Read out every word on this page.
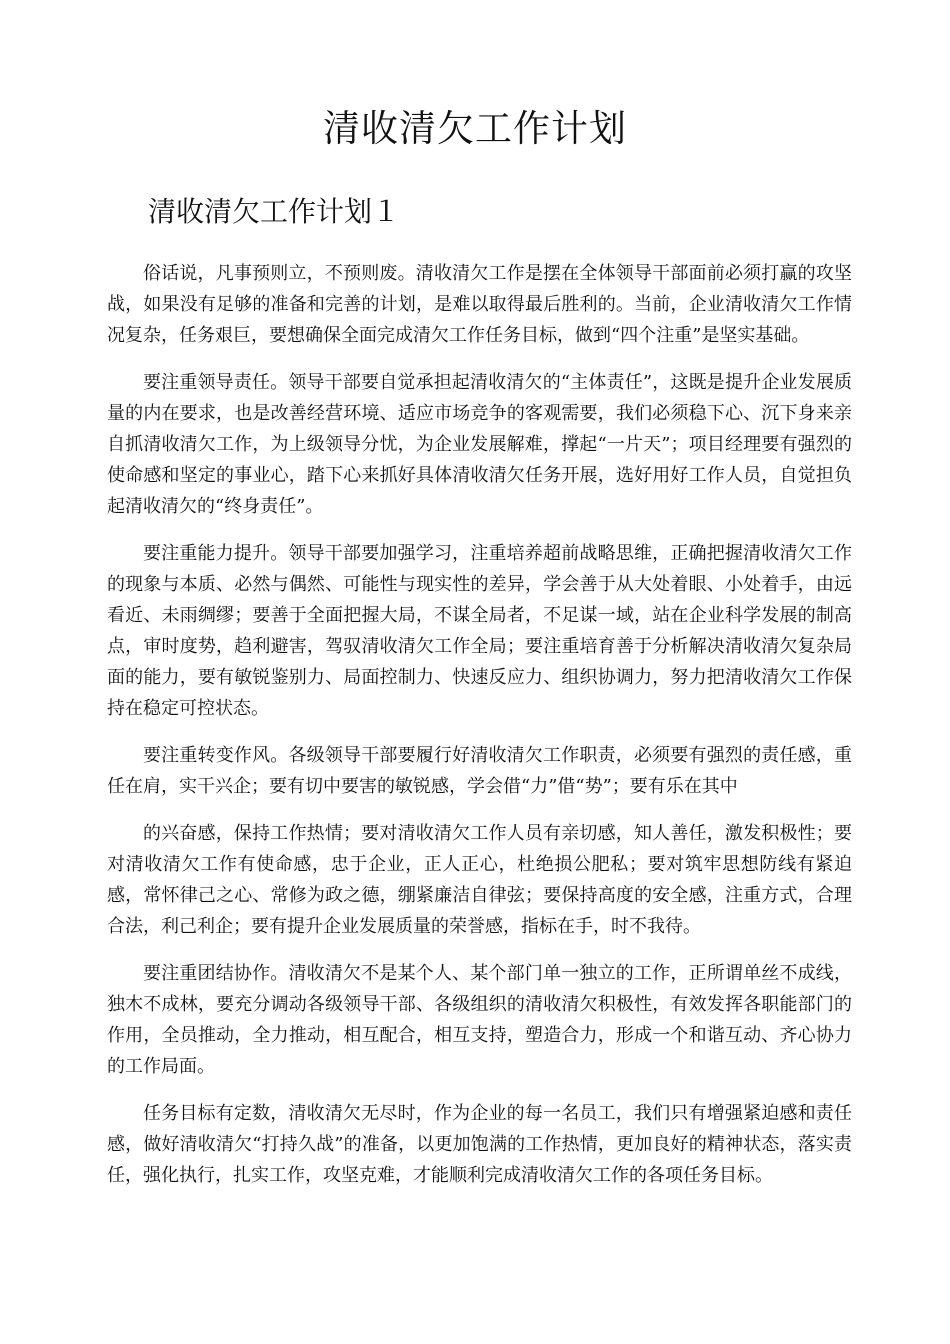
清收清欠工作计划
清收清欠工作计划１

俗话说，凡事预则立，不预则废。清收清欠工作是摆在全体领导干部面前必须打赢的攻坚战，如果没有足够的准备和完善的计划，是难以取得最后胜利的。当前，企业清收清欠工作情况复杂，任务艰巨，要想确保全面完成清欠工作任务目标，做到“四个注重”是坚实基础。

要注重领导责任。领导干部要自觉承担起清收清欠的“主体责任”，这既是提升企业发展质量的内在要求，也是改善经营环境、适应市场竞争的客观需要，我们必须稳下心、沉下身来亲自抓清收清欠工作，为上级领导分忧，为企业发展解难，撑起“一片天”；项目经理要有强烈的使命感和坚定的事业心，踏下心来抓好具体清收清欠任务开展，选好用好工作人员，自觉担负起清收清欠的“终身责任”。

要注重能力提升。领导干部要加强学习，注重培养超前战略思维，正确把握清收清欠工作的现象与本质、必然与偶然、可能性与现实性的差异，学会善于从大处着眼、小处着手，由远看近、未雨绸缪；要善于全面把握大局，不谋全局者，不足谋一域，站在企业科学发展的制高点，审时度势，趋利避害，驾驭清收清欠工作全局；要注重培育善于分析解决清收清欠复杂局面的能力，要有敏锐鉴别力、局面控制力、快速反应力、组织协调力，努力把清收清欠工作保持在稳定可控状态。

要注重转变作风。各级领导干部要履行好清收清欠工作职责，必须要有强烈的责任感，重任在肩，实干兴企；要有切中要害的敏锐感，学会借“力”借“势”；要有乐在其中

的兴奋感，保持工作热情；要对清收清欠工作人员有亲切感，知人善任，激发积极性；要对清收清欠工作有使命感，忠于企业，正人正心，杜绝损公肥私；要对筑牢思想防线有紧迫感，常怀律己之心、常修为政之德，绷紧廉洁自律弦；要保持高度的安全感，注重方式，合理合法，利己利企；要有提升企业发展质量的荣誉感，指标在手，时不我待。

要注重团结协作。清收清欠不是某个人、某个部门单一独立的工作，正所谓单丝不成线，独木不成林，要充分调动各级领导干部、各级组织的清收清欠积极性，有效发挥各职能部门的作用，全员推动，全力推动，相互配合，相互支持，塑造合力，形成一个和谐互动、齐心协力的工作局面。

任务目标有定数，清收清欠无尽时，作为企业的每一名员工，我们只有增强紧迫感和责任感，做好清收清欠“打持久战”的准备，以更加饱满的工作热情，更加良好的精神状态，落实责任，强化执行，扎实工作，攻坚克难，才能顺利完成清收清欠工作的各项任务目标。
